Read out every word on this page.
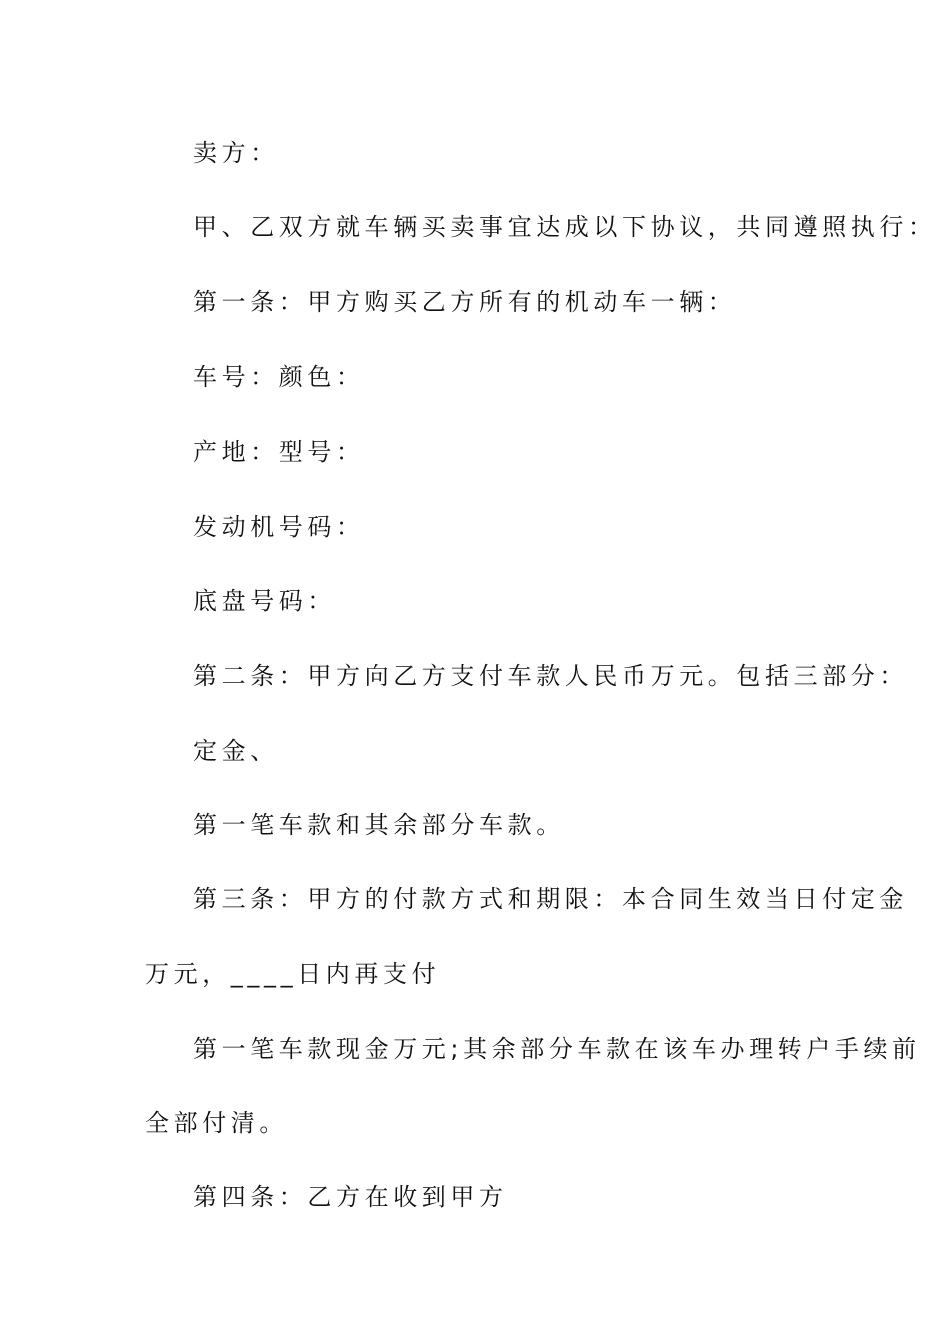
卖方：
甲、乙双方就车辆买卖事宜达成以下协议，共同遵照执行：
第一条：甲方购买乙方所有的机动车一辆：
车号：颜色：
产地：型号：
发动机号码：
底盘号码：
第二条：甲方向乙方支付车款人民币万元。包括三部分：
定金、
第一笔车款和其余部分车款。
第三条：甲方的付款方式和期限：本合同生效当日付定金
万元，____日内再支付
第一笔车款现金万元;其余部分车款在该车办理转户手续前
全部付清。
第四条：乙方在收到甲方
